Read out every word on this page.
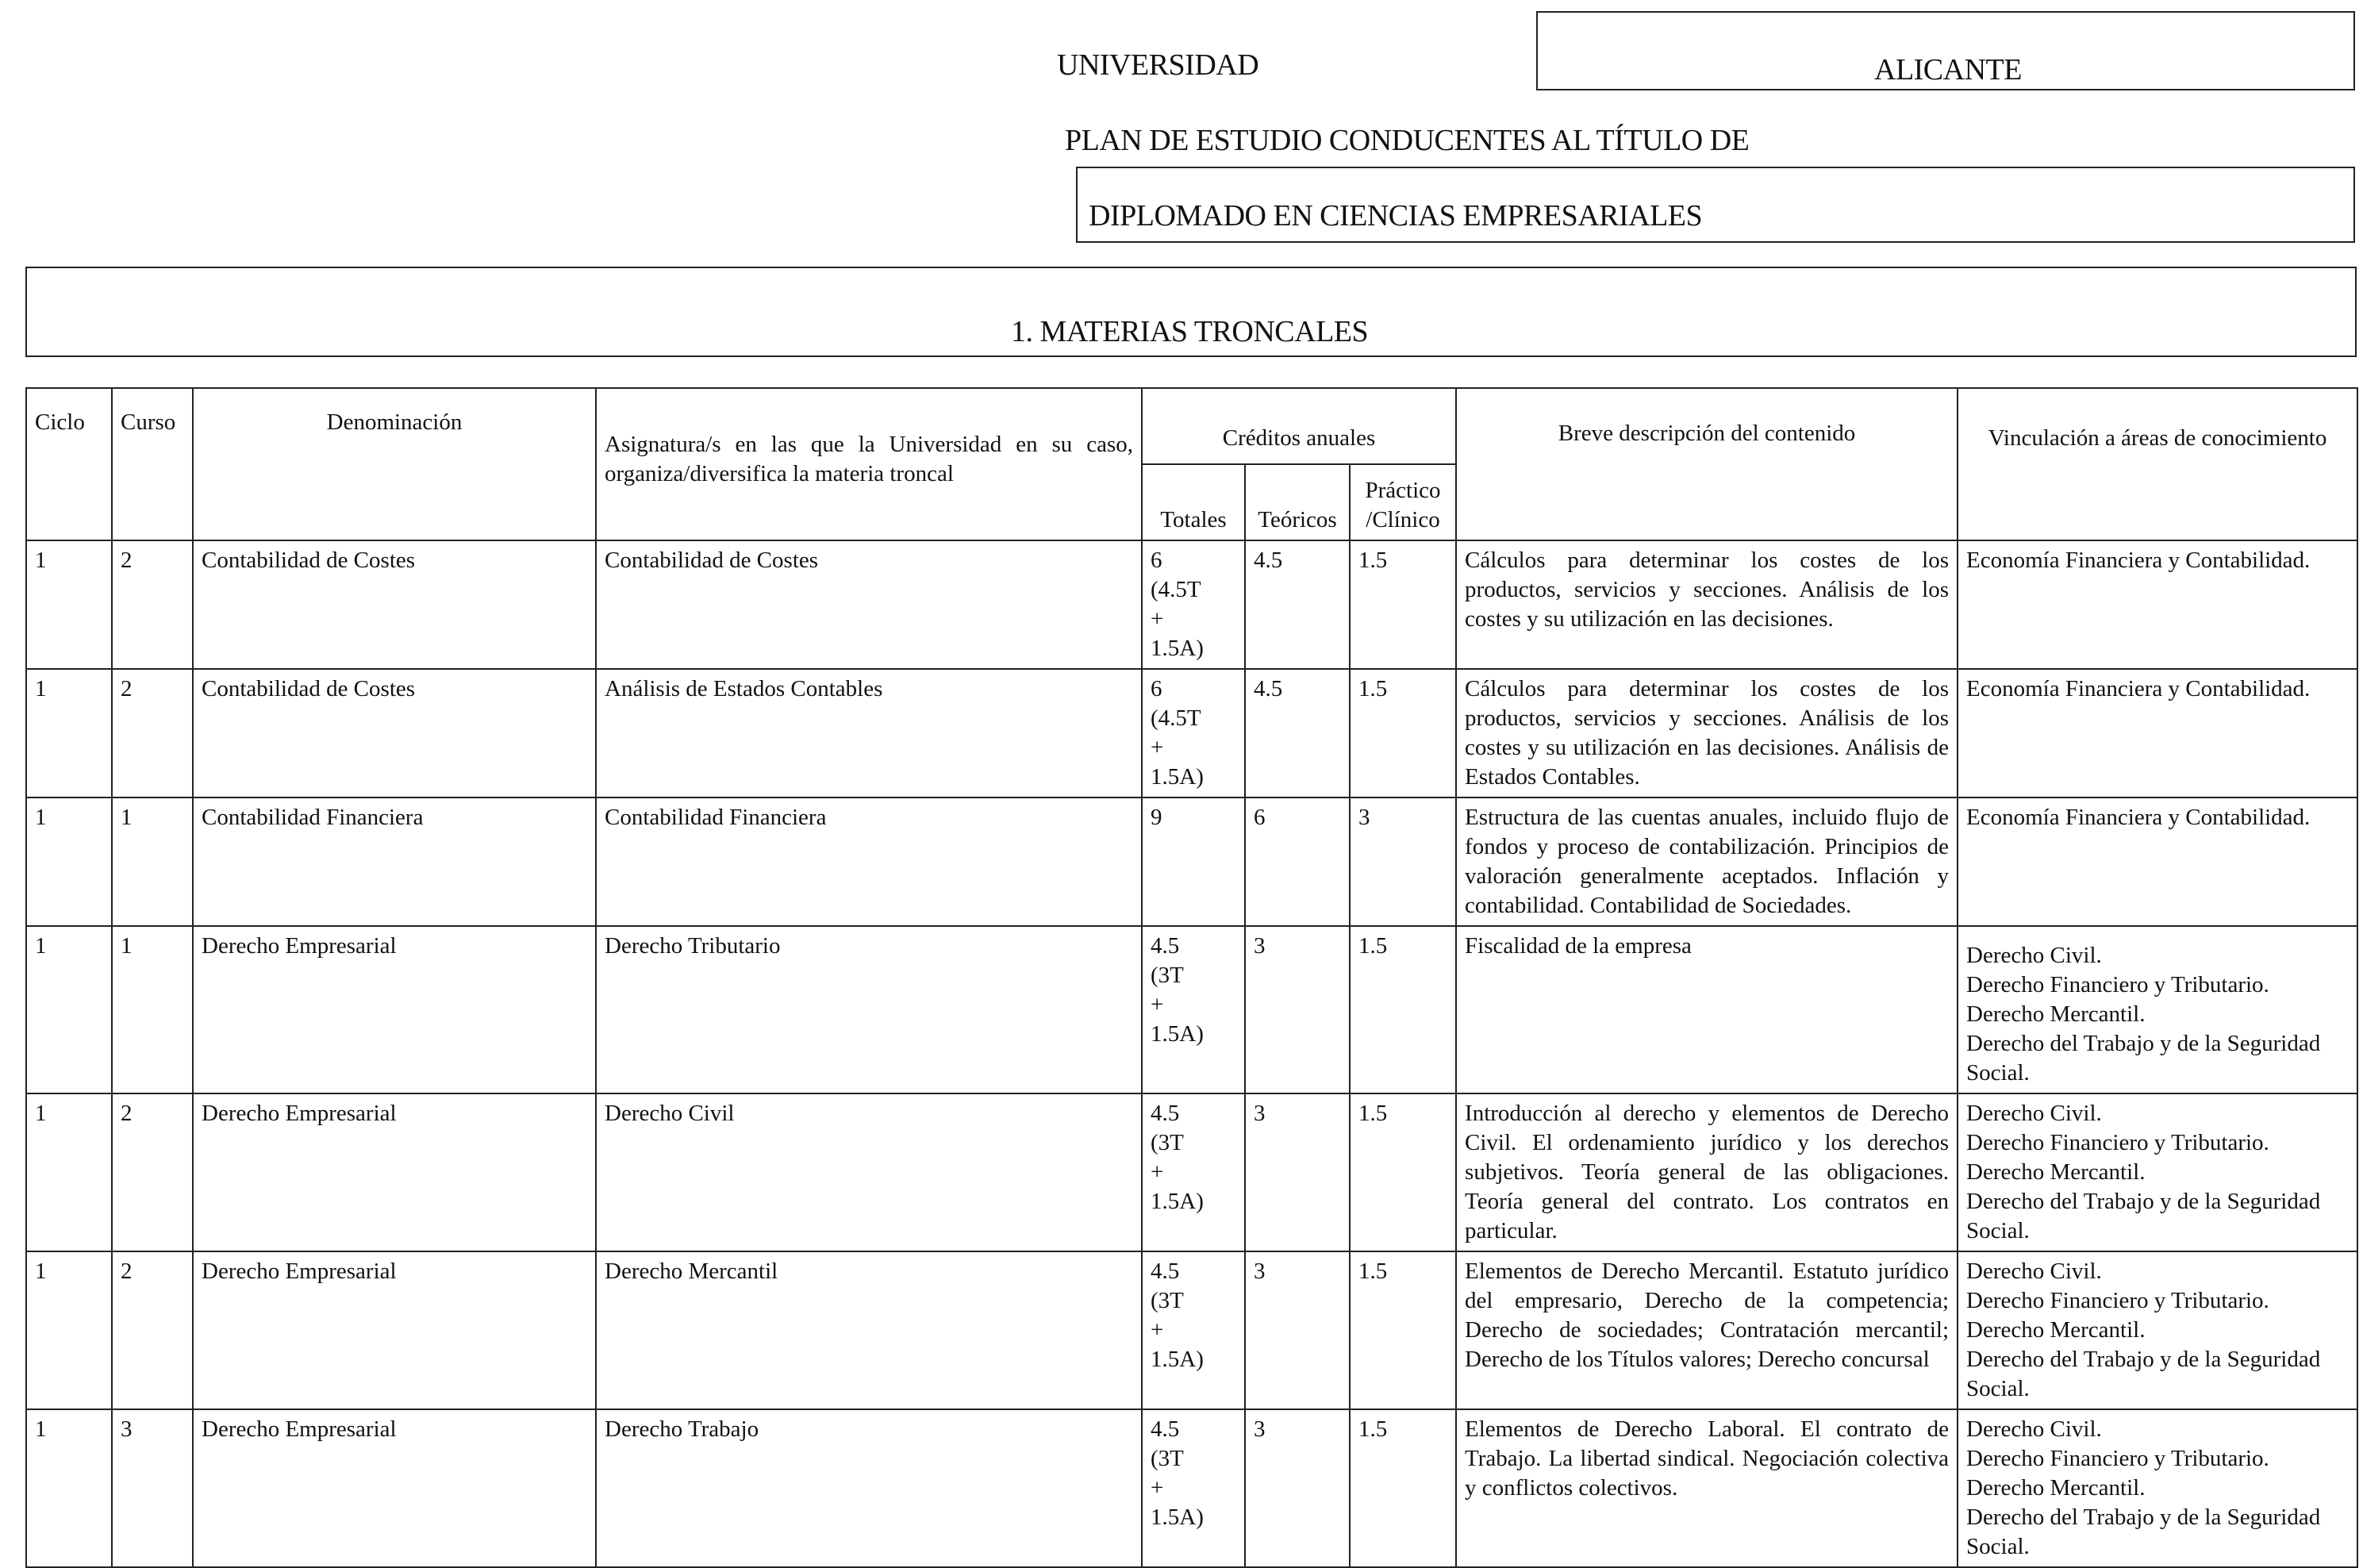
UNIVERSIDAD	ALICANTE
PLAN DE ESTUDIO CONDUCENTES AL TÍTULO DE
DIPLOMADO EN CIENCIAS EMPRESARIALES
1. MATERIAS TRONCALES
Ciclo	Curso	Denominación	Asignatura/s en las que la Universidad en su caso, organiza/diversifica la materia troncal	Créditos anuales			Breve descripción del contenido	Vinculación a áreas de conocimiento
				Totales	Teóricos	Práctico /Clínico		
1	2	Contabilidad de Costes	Contabilidad de Costes	6
(4.5T
+
1.5A)	4.5	1.5	Cálculos para determinar los costes de los productos, servicios y secciones. Análisis de los costes y su utilización en las decisiones.	Economía Financiera y Contabilidad.
1	2	Contabilidad de Costes	Análisis de Estados Contables	6
(4.5T
+
1.5A)	4.5	1.5	Cálculos para determinar los costes de los productos, servicios y secciones. Análisis de los costes y su utilización en las decisiones. Análisis de Estados Contables.	Economía Financiera y Contabilidad.
1	1	Contabilidad Financiera	Contabilidad Financiera	9	6	3	Estructura de las cuentas anuales, incluido flujo de fondos y proceso de contabilización. Principios de valoración generalmente aceptados. Inflación y contabilidad. Contabilidad de Sociedades.	Economía Financiera y Contabilidad.
1	1	Derecho Empresarial	Derecho Tributario	4.5
(3T
+
1.5A)	3	1.5	Fiscalidad de la empresa	Derecho Civil.
Derecho Financiero y Tributario.
Derecho Mercantil.
Derecho del Trabajo y de la Seguridad Social.
1	2	Derecho Empresarial	Derecho Civil	4.5
(3T
+
1.5A)	3	1.5	Introducción al derecho y elementos de Derecho Civil. El ordenamiento jurídico y los derechos subjetivos. Teoría general de las obligaciones. Teoría general del contrato. Los contratos en particular.	Derecho Civil.
Derecho Financiero y Tributario.
Derecho Mercantil.
Derecho del Trabajo y de la Seguridad Social.
1	2	Derecho Empresarial	Derecho Mercantil	4.5
(3T
+
1.5A)	3	1.5	Elementos de Derecho Mercantil. Estatuto jurídico del empresario, Derecho de la competencia; Derecho de sociedades; Contratación mercantil; Derecho de los Títulos valores; Derecho concursal	Derecho Civil.
Derecho Financiero y Tributario.
Derecho Mercantil.
Derecho del Trabajo y de la Seguridad Social.
1	3	Derecho Empresarial	Derecho Trabajo	4.5
(3T
+
1.5A)	3	1.5	Elementos de Derecho Laboral. El contrato de Trabajo. La libertad sindical. Negociación colectiva y conflictos colectivos.	Derecho Civil.
Derecho Financiero y Tributario.
Derecho Mercantil.
Derecho del Trabajo y de la Seguridad Social.
